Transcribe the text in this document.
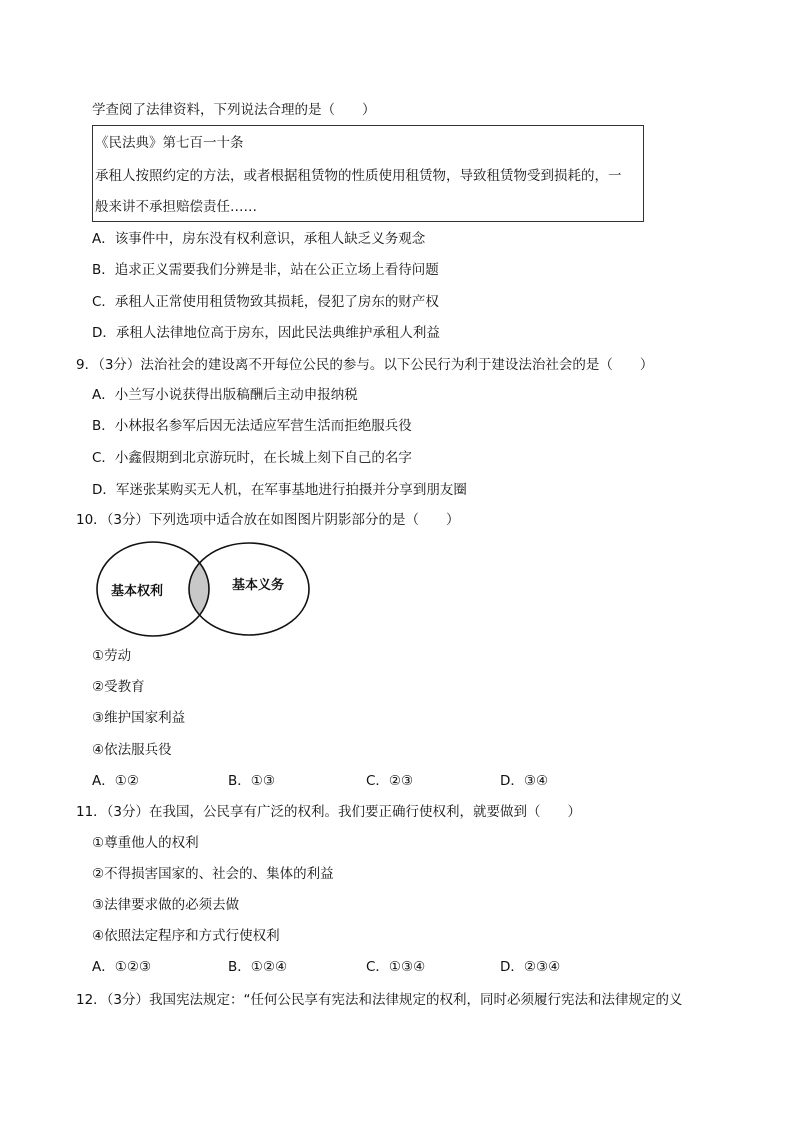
学查阅了法律资料，下列说法合理的是（　　）
《民法典》第七百一十条
承租人按照约定的方法，或者根据租赁物的性质使用租赁物，导致租赁物受到损耗的，一
般来讲不承担赔偿责任……
A．该事件中，房东没有权利意识，承租人缺乏义务观念
B．追求正义需要我们分辨是非，站在公正立场上看待问题
C．承租人正常使用租赁物致其损耗，侵犯了房东的财产权
D．承租人法律地位高于房东，因此民法典维护承租人利益
9．（3分）法治社会的建设离不开每位公民的参与。以下公民行为利于建设法治社会的是（　　）
A．小兰写小说获得出版稿酬后主动申报纳税
B．小林报名参军后因无法适应军营生活而拒绝服兵役
C．小鑫假期到北京游玩时，在长城上刻下自己的名字
D．军迷张某购买无人机，在军事基地进行拍摄并分享到朋友圈
10．（3分）下列选项中适合放在如图图片阴影部分的是（　　）
基本权利	基本义务
①劳动
②受教育
③维护国家利益
④依法服兵役
A．①②	B．①③	C．②③	D．③④
11．（3分）在我国，公民享有广泛的权利。我们要正确行使权利，就要做到（　　）
①尊重他人的权利
②不得损害国家的、社会的、集体的利益
③法律要求做的必须去做
④依照法定程序和方式行使权利
A．①②③	B．①②④	C．①③④	D．②③④
12．（3分）我国宪法规定：“任何公民享有宪法和法律规定的权利，同时必须履行宪法和法律规定的义
